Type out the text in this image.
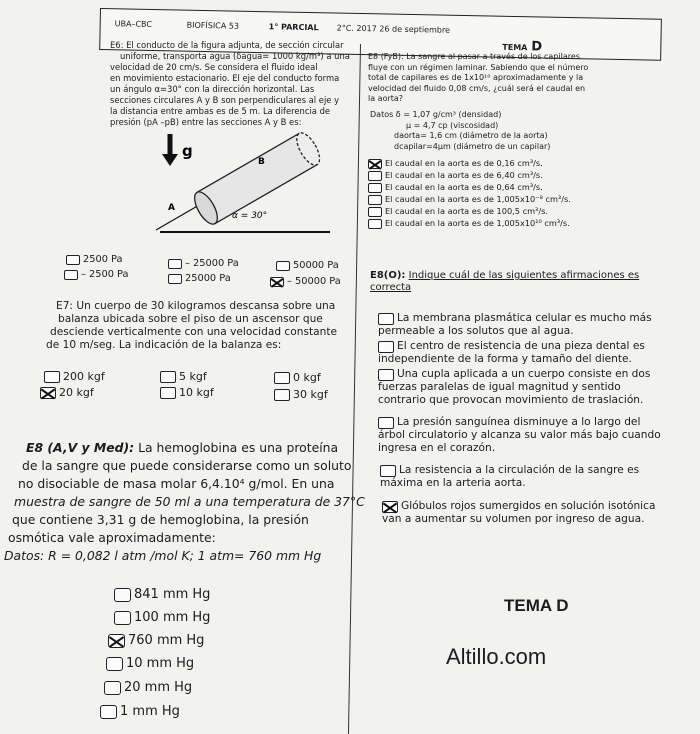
UBA–CBC	BIOFÍSICA 53	1° PARCIAL 2°C. 2017 26 de septiembre
TEMA D
E6: El conducto de la figura adjunta, de sección circular
uniforme, transporta agua (δagua= 1000 kg/m³) a una
velocidad de 20 cm/s. Se considera el fluido ideal
en movimiento estacionario. El eje del conducto forma
un ángulo α=30° con la dirección horizontal. Las
secciones circulares A y B son perpendiculares al eje y
la distancia entre ambas es de 5 m. La diferencia de
presión (pA –pB) entre las secciones A y B es:
g
A
B
α = 30°
2500 Pa	– 25000 Pa	50000 Pa
– 2500 Pa	25000 Pa	– 50000 Pa
E7: Un cuerpo de 30 kilogramos descansa sobre una
balanza ubicada sobre el piso de un ascensor que
desciende verticalmente con una velocidad constante
de 10 m/seg. La indicación de la balanza es:
200 kgf	5 kgf	0 kgf
20 kgf	10 kgf	30 kgf
E8 (A,V y Med): La hemoglobina es una proteína
de la sangre que puede considerarse como un soluto
no disociable de masa molar 6,4.10⁴ g/mol. En una
muestra de sangre de 50 ml a una temperatura de 37°C
que contiene 3,31 g de hemoglobina, la presión
osmótica vale aproximadamente:
Datos: R = 0,082 l atm /mol K; 1 atm= 760 mm Hg
841 mm Hg
100 mm Hg
760 mm Hg
10 mm Hg
20 mm Hg
1 mm Hg
E8 (FyB): La sangre al pasar a través de los capilares
fluye con un régimen laminar. Sabiendo que el número
total de capilares es de 1x10¹⁰ aproximadamente y la
velocidad del fluido 0,08 cm/s, ¿cuál será el caudal en
la aorta?
Datos δ = 1,07 g/cm³ (densidad)
μ = 4,7 cp (viscosidad)
daorta= 1,6 cm (diámetro de la aorta)
dcapilar=4μm (diámetro de un capilar)
El caudal en la aorta es de 0,16 cm³/s.
El caudal en la aorta es de 6,40 cm³/s.
El caudal en la aorta es de 0,64 cm³/s.
El caudal en la aorta es de 1,005x10⁻⁸ cm³/s.
El caudal en la aorta es de 100,5 cm³/s.
El caudal en la aorta es de 1,005x10¹⁰ cm³/s.
E8(O): Indique cuál de las siguientes afirmaciones es
correcta
La membrana plasmática celular es mucho más
permeable a los solutos que al agua.
El centro de resistencia de una pieza dental es
independiente de la forma y tamaño del diente.
Una cupla aplicada a un cuerpo consiste en dos
fuerzas paralelas de igual magnitud y sentido
contrario que provocan movimiento de traslación.
La presión sanguínea disminuye a lo largo del
árbol circulatorio y alcanza su valor más bajo cuando
ingresa en el corazón.
La resistencia a la circulación de la sangre es
máxima en la arteria aorta.
Glóbulos rojos sumergidos en solución isotónica
van a aumentar su volumen por ingreso de agua.
TEMA D
Altillo.com
